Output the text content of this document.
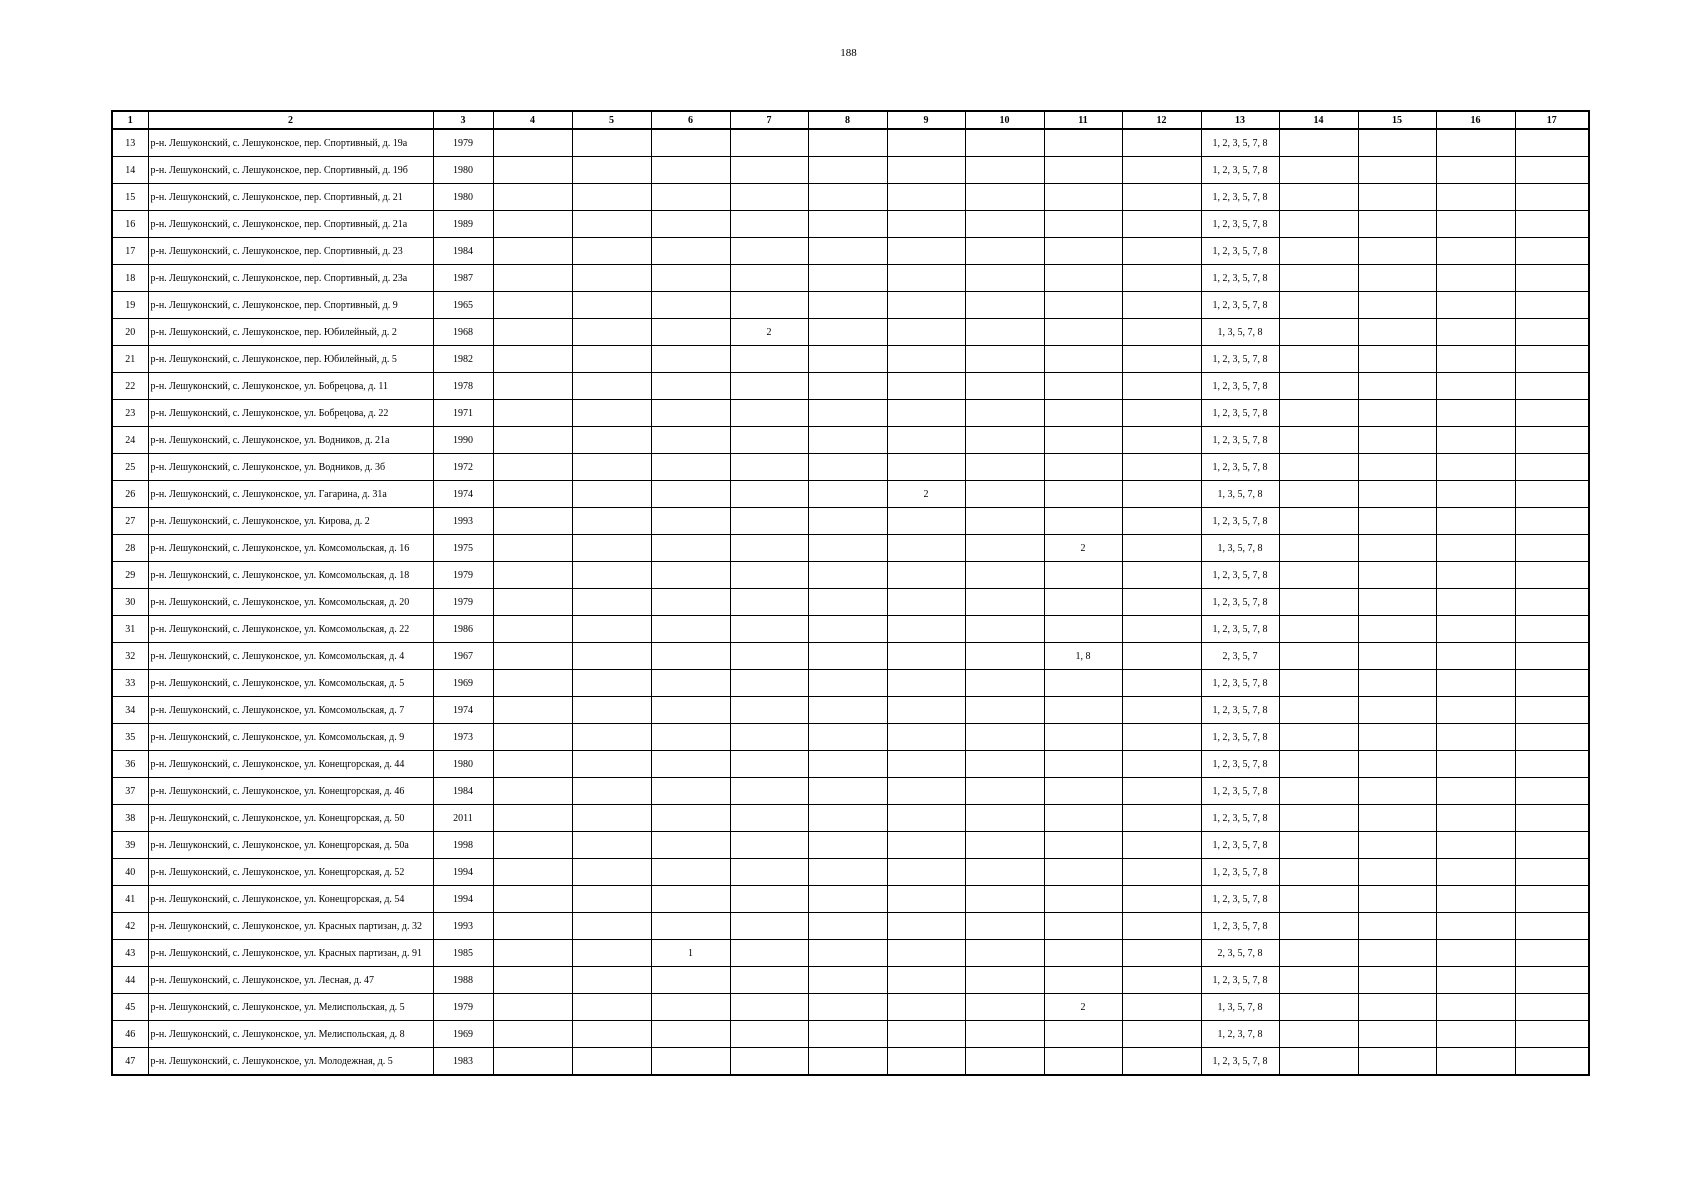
188
1	2	3	4	5	6	7	8	9	10	11	12	13	14	15	16	17
13	р-н. Лешуконский, с. Лешуконское, пер. Спортивный, д. 19а	1979										1, 2, 3, 5, 7, 8				
14	р-н. Лешуконский, с. Лешуконское, пер. Спортивный, д. 19б	1980										1, 2, 3, 5, 7, 8				
15	р-н. Лешуконский, с. Лешуконское, пер. Спортивный, д. 21	1980										1, 2, 3, 5, 7, 8				
16	р-н. Лешуконский, с. Лешуконское, пер. Спортивный, д. 21а	1989										1, 2, 3, 5, 7, 8				
17	р-н. Лешуконский, с. Лешуконское, пер. Спортивный, д. 23	1984										1, 2, 3, 5, 7, 8				
18	р-н. Лешуконский, с. Лешуконское, пер. Спортивный, д. 23а	1987										1, 2, 3, 5, 7, 8				
19	р-н. Лешуконский, с. Лешуконское, пер. Спортивный, д. 9	1965										1, 2, 3, 5, 7, 8				
20	р-н. Лешуконский, с. Лешуконское, пер. Юбилейный, д. 2	1968				2						1, 3, 5, 7, 8				
21	р-н. Лешуконский, с. Лешуконское, пер. Юбилейный, д. 5	1982										1, 2, 3, 5, 7, 8				
22	р-н. Лешуконский, с. Лешуконское, ул. Бобрецова, д. 11	1978										1, 2, 3, 5, 7, 8				
23	р-н. Лешуконский, с. Лешуконское, ул. Бобрецова, д. 22	1971										1, 2, 3, 5, 7, 8				
24	р-н. Лешуконский, с. Лешуконское, ул. Водников, д. 21а	1990										1, 2, 3, 5, 7, 8				
25	р-н. Лешуконский, с. Лешуконское, ул. Водников, д. 3б	1972										1, 2, 3, 5, 7, 8				
26	р-н. Лешуконский, с. Лешуконское, ул. Гагарина, д. 31а	1974						2				1, 3, 5, 7, 8				
27	р-н. Лешуконский, с. Лешуконское, ул. Кирова, д. 2	1993										1, 2, 3, 5, 7, 8				
28	р-н. Лешуконский, с. Лешуконское, ул. Комсомольская, д. 16	1975								2		1, 3, 5, 7, 8				
29	р-н. Лешуконский, с. Лешуконское, ул. Комсомольская, д. 18	1979										1, 2, 3, 5, 7, 8				
30	р-н. Лешуконский, с. Лешуконское, ул. Комсомольская, д. 20	1979										1, 2, 3, 5, 7, 8				
31	р-н. Лешуконский, с. Лешуконское, ул. Комсомольская, д. 22	1986										1, 2, 3, 5, 7, 8				
32	р-н. Лешуконский, с. Лешуконское, ул. Комсомольская, д. 4	1967								1, 8		2, 3, 5, 7				
33	р-н. Лешуконский, с. Лешуконское, ул. Комсомольская, д. 5	1969										1, 2, 3, 5, 7, 8				
34	р-н. Лешуконский, с. Лешуконское, ул. Комсомольская, д. 7	1974										1, 2, 3, 5, 7, 8				
35	р-н. Лешуконский, с. Лешуконское, ул. Комсомольская, д. 9	1973										1, 2, 3, 5, 7, 8				
36	р-н. Лешуконский, с. Лешуконское, ул. Конещгорская, д. 44	1980										1, 2, 3, 5, 7, 8				
37	р-н. Лешуконский, с. Лешуконское, ул. Конещгорская, д. 46	1984										1, 2, 3, 5, 7, 8				
38	р-н. Лешуконский, с. Лешуконское, ул. Конещгорская, д. 50	2011										1, 2, 3, 5, 7, 8				
39	р-н. Лешуконский, с. Лешуконское, ул. Конещгорская, д. 50а	1998										1, 2, 3, 5, 7, 8				
40	р-н. Лешуконский, с. Лешуконское, ул. Конещгорская, д. 52	1994										1, 2, 3, 5, 7, 8				
41	р-н. Лешуконский, с. Лешуконское, ул. Конещгорская, д. 54	1994										1, 2, 3, 5, 7, 8				
42	р-н. Лешуконский, с. Лешуконское, ул. Красных партизан, д. 32	1993										1, 2, 3, 5, 7, 8				
43	р-н. Лешуконский, с. Лешуконское, ул. Красных партизан, д. 91	1985			1							2, 3, 5, 7, 8				
44	р-н. Лешуконский, с. Лешуконское, ул. Лесная, д. 47	1988										1, 2, 3, 5, 7, 8				
45	р-н. Лешуконский, с. Лешуконское, ул. Мелиспольская, д. 5	1979								2		1, 3, 5, 7, 8				
46	р-н. Лешуконский, с. Лешуконское, ул. Мелиспольская, д. 8	1969										1, 2, 3, 7, 8				
47	р-н. Лешуконский, с. Лешуконское, ул. Молодежная, д. 5	1983										1, 2, 3, 5, 7, 8				
